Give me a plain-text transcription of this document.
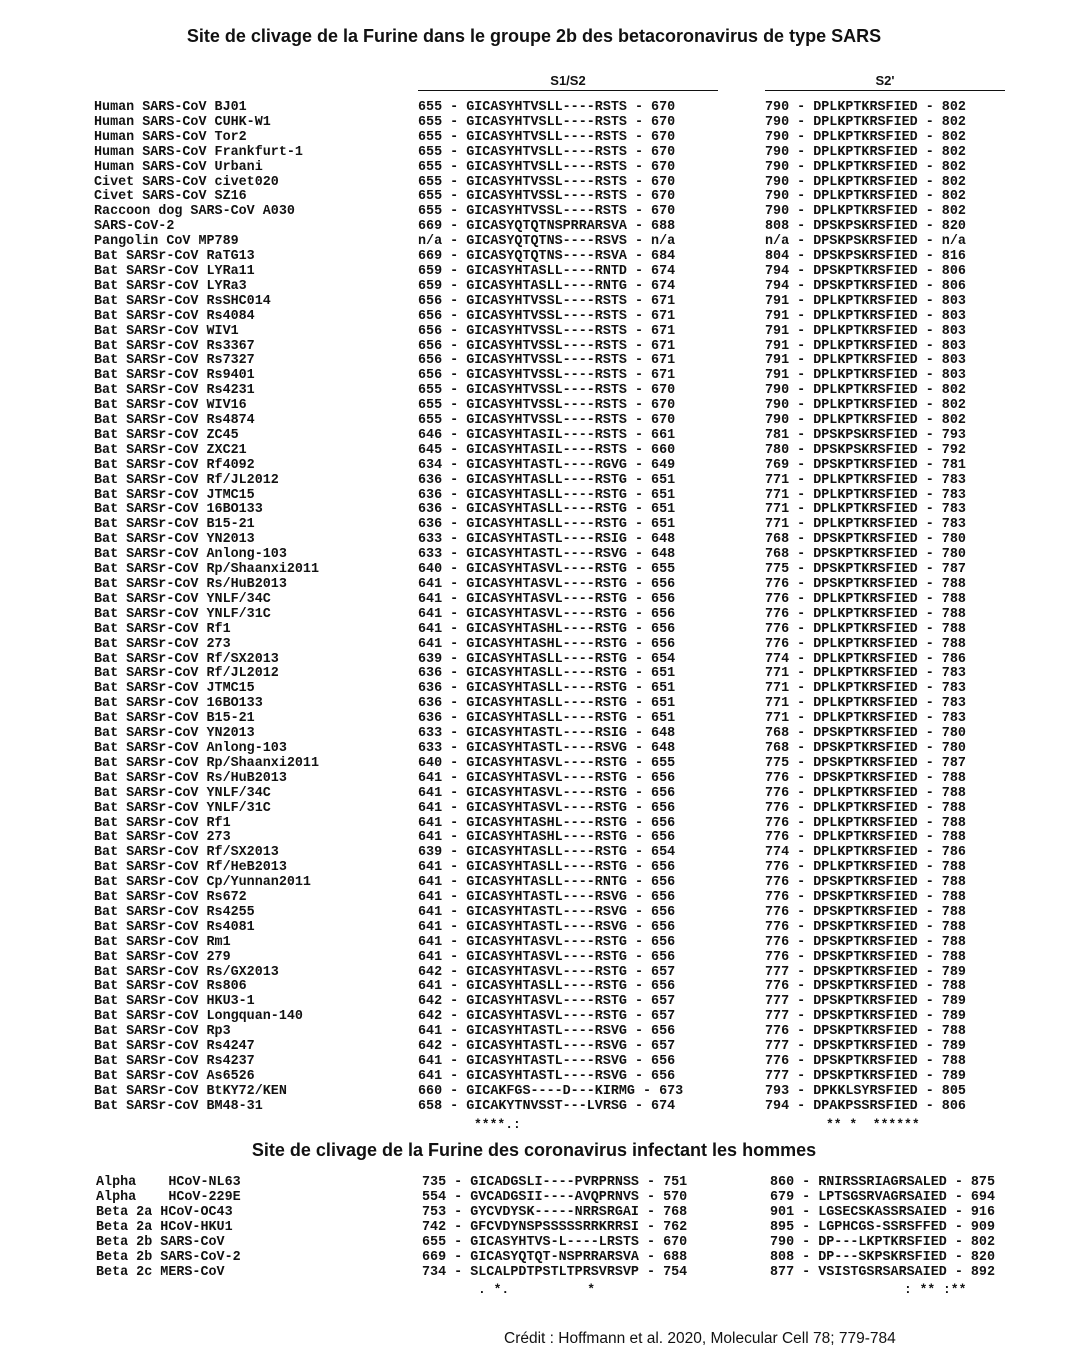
Site de clivage de la Furine dans le groupe 2b des betacoronavirus de type SARS
S1/S2	S2'
Human SARS-CoV BJ01	655 - GICASYHTVSLL----RSTS - 670	790 - DPLKPTKRSFIED - 802
Human SARS-CoV CUHK-W1	655 - GICASYHTVSLL----RSTS - 670	790 - DPLKPTKRSFIED - 802
Human SARS-CoV Tor2	655 - GICASYHTVSLL----RSTS - 670	790 - DPLKPTKRSFIED - 802
Human SARS-CoV Frankfurt-1	655 - GICASYHTVSLL----RSTS - 670	790 - DPLKPTKRSFIED - 802
Human SARS-CoV Urbani	655 - GICASYHTVSLL----RSTS - 670	790 - DPLKPTKRSFIED - 802
Civet SARS-CoV civet020	655 - GICASYHTVSSL----RSTS - 670	790 - DPLKPTKRSFIED - 802
Civet SARS-CoV SZ16	655 - GICASYHTVSSL----RSTS - 670	790 - DPLKPTKRSFIED - 802
Raccoon dog SARS-CoV A030	655 - GICASYHTVSSL----RSTS - 670	790 - DPLKPTKRSFIED - 802
SARS-CoV-2	669 - GICASYQTQTNSPRRARSVA - 688	808 - DPSKPSKRSFIED - 820
Pangolin CoV MP789	n/a - GICASYQTQTNS----RSVS - n/a	n/a - DPSKPSKRSFIED - n/a
Bat SARSr-CoV RaTG13	669 - GICASYQTQTNS----RSVA - 684	804 - DPSKPSKRSFIED - 816
Bat SARSr-CoV LYRa11	659 - GICASYHTASLL----RNTD - 674	794 - DPSKPTKRSFIED - 806
Bat SARSr-CoV LYRa3	659 - GICASYHTASLL----RNTG - 674	794 - DPSKPTKRSFIED - 806
Bat SARSr-CoV RsSHC014	656 - GICASYHTVSSL----RSTS - 671	791 - DPLKPTKRSFIED - 803
Bat SARSr-CoV Rs4084	656 - GICASYHTVSSL----RSTS - 671	791 - DPLKPTKRSFIED - 803
Bat SARSr-CoV WIV1	656 - GICASYHTVSSL----RSTS - 671	791 - DPLKPTKRSFIED - 803
Bat SARSr-CoV Rs3367	656 - GICASYHTVSSL----RSTS - 671	791 - DPLKPTKRSFIED - 803
Bat SARSr-CoV Rs7327	656 - GICASYHTVSSL----RSTS - 671	791 - DPLKPTKRSFIED - 803
Bat SARSr-CoV Rs9401	656 - GICASYHTVSSL----RSTS - 671	791 - DPLKPTKRSFIED - 803
Bat SARSr-CoV Rs4231	655 - GICASYHTVSSL----RSTS - 670	790 - DPLKPTKRSFIED - 802
Bat SARSr-CoV WIV16	655 - GICASYHTVSSL----RSTS - 670	790 - DPLKPTKRSFIED - 802
Bat SARSr-CoV Rs4874	655 - GICASYHTVSSL----RSTS - 670	790 - DPLKPTKRSFIED - 802
Bat SARSr-CoV ZC45	646 - GICASYHTASIL----RSTS - 661	781 - DPSKPSKRSFIED - 793
Bat SARSr-CoV ZXC21	645 - GICASYHTASIL----RSTS - 660	780 - DPSKPSKRSFIED - 792
Bat SARSr-CoV Rf4092	634 - GICASYHTASTL----RGVG - 649	769 - DPSKPTKRSFIED - 781
Bat SARSr-CoV Rf/JL2012	636 - GICASYHTASLL----RSTG - 651	771 - DPLKPTKRSFIED - 783
Bat SARSr-CoV JTMC15	636 - GICASYHTASLL----RSTG - 651	771 - DPLKPTKRSFIED - 783
Bat SARSr-CoV 16BO133	636 - GICASYHTASLL----RSTG - 651	771 - DPLKPTKRSFIED - 783
Bat SARSr-CoV B15-21	636 - GICASYHTASLL----RSTG - 651	771 - DPLKPTKRSFIED - 783
Bat SARSr-CoV YN2013	633 - GICASYHTASTL----RSIG - 648	768 - DPSKPTKRSFIED - 780
Bat SARSr-CoV Anlong-103	633 - GICASYHTASTL----RSVG - 648	768 - DPSKPTKRSFIED - 780
Bat SARSr-CoV Rp/Shaanxi2011	640 - GICASYHTASVL----RSTG - 655	775 - DPSKPTKRSFIED - 787
Bat SARSr-CoV Rs/HuB2013	641 - GICASYHTASVL----RSTG - 656	776 - DPSKPTKRSFIED - 788
Bat SARSr-CoV YNLF/34C	641 - GICASYHTASVL----RSTG - 656	776 - DPLKPTKRSFIED - 788
Bat SARSr-CoV YNLF/31C	641 - GICASYHTASVL----RSTG - 656	776 - DPLKPTKRSFIED - 788
Bat SARSr-CoV Rf1	641 - GICASYHTASHL----RSTG - 656	776 - DPLKPTKRSFIED - 788
Bat SARSr-CoV 273	641 - GICASYHTASHL----RSTG - 656	776 - DPLKPTKRSFIED - 788
Bat SARSr-CoV Rf/SX2013	639 - GICASYHTASLL----RSTG - 654	774 - DPLKPTKRSFIED - 786
Bat SARSr-CoV Rf/JL2012	636 - GICASYHTASLL----RSTG - 651	771 - DPLKPTKRSFIED - 783
Bat SARSr-CoV JTMC15	636 - GICASYHTASLL----RSTG - 651	771 - DPLKPTKRSFIED - 783
Bat SARSr-CoV 16BO133	636 - GICASYHTASLL----RSTG - 651	771 - DPLKPTKRSFIED - 783
Bat SARSr-CoV B15-21	636 - GICASYHTASLL----RSTG - 651	771 - DPLKPTKRSFIED - 783
Bat SARSr-CoV YN2013	633 - GICASYHTASTL----RSIG - 648	768 - DPSKPTKRSFIED - 780
Bat SARSr-CoV Anlong-103	633 - GICASYHTASTL----RSVG - 648	768 - DPSKPTKRSFIED - 780
Bat SARSr-CoV Rp/Shaanxi2011	640 - GICASYHTASVL----RSTG - 655	775 - DPSKPTKRSFIED - 787
Bat SARSr-CoV Rs/HuB2013	641 - GICASYHTASVL----RSTG - 656	776 - DPSKPTKRSFIED - 788
Bat SARSr-CoV YNLF/34C	641 - GICASYHTASVL----RSTG - 656	776 - DPLKPTKRSFIED - 788
Bat SARSr-CoV YNLF/31C	641 - GICASYHTASVL----RSTG - 656	776 - DPLKPTKRSFIED - 788
Bat SARSr-CoV Rf1	641 - GICASYHTASHL----RSTG - 656	776 - DPLKPTKRSFIED - 788
Bat SARSr-CoV 273	641 - GICASYHTASHL----RSTG - 656	776 - DPLKPTKRSFIED - 788
Bat SARSr-CoV Rf/SX2013	639 - GICASYHTASLL----RSTG - 654	774 - DPLKPTKRSFIED - 786
Bat SARSr-CoV Rf/HeB2013	641 - GICASYHTASLL----RSTG - 656	776 - DPLKPTKRSFIED - 788
Bat SARSr-CoV Cp/Yunnan2011	641 - GICASYHTASLL----RNTG - 656	776 - DPSKPTKRSFIED - 788
Bat SARSr-CoV Rs672	641 - GICASYHTASTL----RSVG - 656	776 - DPSKPTKRSFIED - 788
Bat SARSr-CoV Rs4255	641 - GICASYHTASTL----RSVG - 656	776 - DPSKPTKRSFIED - 788
Bat SARSr-CoV Rs4081	641 - GICASYHTASTL----RSVG - 656	776 - DPSKPTKRSFIED - 788
Bat SARSr-CoV Rm1	641 - GICASYHTASVL----RSTG - 656	776 - DPSKPTKRSFIED - 788
Bat SARSr-CoV 279	641 - GICASYHTASVL----RSTG - 656	776 - DPSKPTKRSFIED - 788
Bat SARSr-CoV Rs/GX2013	642 - GICASYHTASVL----RSTG - 657	777 - DPSKPTKRSFIED - 789
Bat SARSr-CoV Rs806	641 - GICASYHTASLL----RSTG - 656	776 - DPSKPTKRSFIED - 788
Bat SARSr-CoV HKU3-1	642 - GICASYHTASVL----RSTG - 657	777 - DPSKPTKRSFIED - 789
Bat SARSr-CoV Longquan-140	642 - GICASYHTASVL----RSTG - 657	777 - DPSKPTKRSFIED - 789
Bat SARSr-CoV Rp3	641 - GICASYHTASTL----RSVG - 656	776 - DPSKPTKRSFIED - 788
Bat SARSr-CoV Rs4247	642 - GICASYHTASTL----RSVG - 657	777 - DPSKPTKRSFIED - 789
Bat SARSr-CoV Rs4237	641 - GICASYHTASTL----RSVG - 656	776 - DPSKPTKRSFIED - 788
Bat SARSr-CoV As6526	641 - GICASYHTASTL----RSVG - 656	777 - DPSKPTKRSFIED - 789
Bat SARSr-CoV BtKY72/KEN	660 - GICAKFGS----D---KIRMG - 673	793 - DPKKLSYRSFIED - 805
Bat SARSr-CoV BM48-31	658 - GICAKYTNVSST---LVRSG - 674	794 - DPAKPSSRSFIED - 806
****.:	** *  ******
Site de clivage de la Furine des coronavirus infectant les hommes
Alpha    HCoV-NL63	735 - GICADGSLI----PVRPRNSS - 751	860 - RNIRSSRIAGRSALED - 875
Alpha    HCoV-229E	554 - GVCADGSII----AVQPRNVS - 570	679 - LPTSGSRVAGRSAIED - 694
Beta 2a HCoV-OC43	753 - GYCVDYSK-----NRRSRGAI - 768	901 - LGSECSKASSRSAIED - 916
Beta 2a HCoV-HKU1	742 - GFCVDYNSPSSSSSRRKRRSI - 762	895 - LGPHCGS-SSRSFFED - 909
Beta 2b SARS-CoV	655 - GICASYHTVS-L----LRSTS - 670	790 - DP---LKPTKRSFIED - 802
Beta 2b SARS-CoV-2	669 - GICASYQTQT-NSPRRARSVA - 688	808 - DP---SKPSKRSFIED - 820
Beta 2c MERS-CoV	734 - SLCALPDTPSTLTPRSVRSVP - 754	877 - VSISTGSRSARSAIED - 892
. *.          *	: ** :**
Crédit : Hoffmann et al. 2020, Molecular Cell 78; 779-784
